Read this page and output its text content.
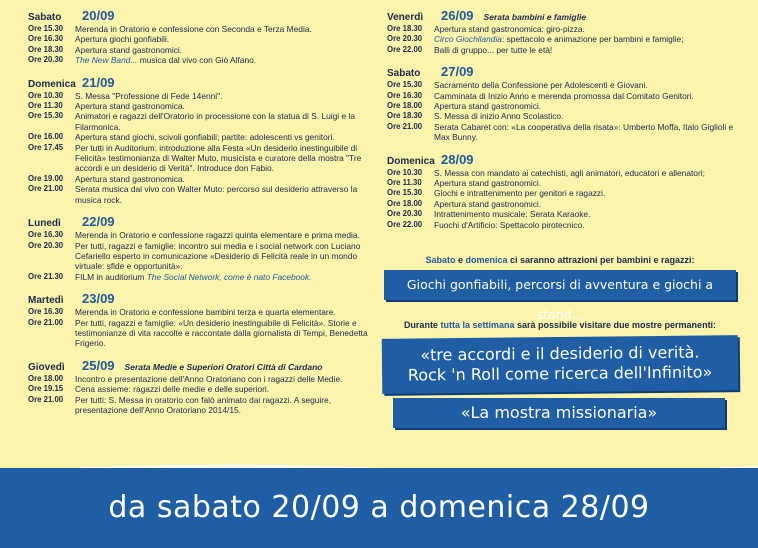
Sabato	20/09
Ore 15.30	Merenda in Oratorio e confessione con Seconda e Terza Media.
Ore 16.30	Apertura giochi gonfiabili.
Ore 18.30	Apertura stand gastronomici.
Ore 20.30	The New Band... musica dal vivo con Giò Alfano.
Domenica 21/09
Ore 10.30	S. Messa "Professione di Fede 14enni".
Ore 11.30	Apertura stand gastronomica.
Ore 15.30	Animatori e ragazzi dell'Oratorio in processione con la statua di S. Luigi e la Filarmonica.
Ore 16.00	Apertura stand giochi, scivoli gonfiabili; partite: adolescenti vs genitori.
Ore 17.45	Per tutti in Auditorium: introduzione alla Festa «Un desiderio inestinguibile di Felicità» testimonianza di Walter Muto, musicista e curatore della mostra "Tre accordi e un desiderio di Verità". Introduce don Fabio.
Ore 19.00	Apertura stand gastronomica.
Ore 21.00	Serata musica dal vivo con Walter Muto: percorso sul desiderio attraverso la musica rock.
Lunedì	22/09
Ore 16.30	Merenda in Oratorio e confessione ragazzi quinta elementare e prima media.
Ore 20.30	Per tutti, ragazzi e famiglie: incontro sui media e i social network con Luciano Cefariello esperto in comunicazione «Desiderio di Felicità reale in un mondo virtuale: sfide e opportunità».
Ore 21.30	FILM in auditorium The Social Network, come è nato Facebook.
Martedì	23/09
Ore 16.30	Merenda in Oratorio e confessione bambini terza e quarta elementare.
Ore 21.00	Per tutti, ragazzi e famiglie: «Un desiderio inestinguibile di Felicità». Storie e testimonianze di vita raccolte e raccontate dalla giornalista di Tempi, Benedetta Frigerio.
Giovedì	25/09 Serata Medie e Superiori Oratori Città di Cardano
Ore 18.00	Incontro e presentazione dell'Anno Oratoriano con i ragazzi delle Medie.
Ore 19.15	Cena assieme: ragazzi delle medie e delle superiori.
Ore 21.00	Per tutti: S. Messa in oratorio con falò animato dai ragazzi. A seguire, presentazione dell'Anno Oratoriano 2014/15.
Venerdì	26/09 Serata bambini e famiglie
Ore 18.30	Apertura stand gastronomica: giro-pizza.
Ore 20.30	Circo Giochilandia: spettacolo e animazione per bambini e famiglie;
Ore 22.00	Balli di gruppo... per tutte le età!
Sabato	27/09
Ore 15.30	Sacramento della Confessione per Adolescenti e Giovani.
Ore 16.30	Camminata di Inizio Anno e merenda promossa dal Comitato Genitori.
Ore 18.00	Apertura stand gastronomici.
Ore 18.30	S. Messa di inizio Anno Scolastico.
Ore 21.00	Serata Cabaret con: «La cooperativa della risata»: Umberto Moffa, Italo Giglioli e Max Bunny.
Domenica 28/09
Ore 10.30	S. Messa con mandato ai catechisti, agli animatori, educatori e allenatori;
Ore 11.30	Apertura stand gastronomici.
Ore 15.30	Giochi e intrattenimento per genitori e ragazzi.
Ore 18.00	Apertura stand gastronomici.
Ore 20.30	Intrattenimento musicale: Serata Karaoke.
Ore 22.00	Fuochi d'Artificio: Spettacolo pirotecnico.

Sabato e domenica ci saranno attrazioni per bambini e ragazzi:

Giochi gonfiabili, percorsi di avventura e giochi a stand...

Durante tutta la settimana sarà possibile visitare due mostre permanenti:

«tre accordi e il desiderio di verità.
Rock 'n Roll come ricerca dell'Infinito»
«La mostra missionaria»
da sabato 20/09 a domenica 28/09
